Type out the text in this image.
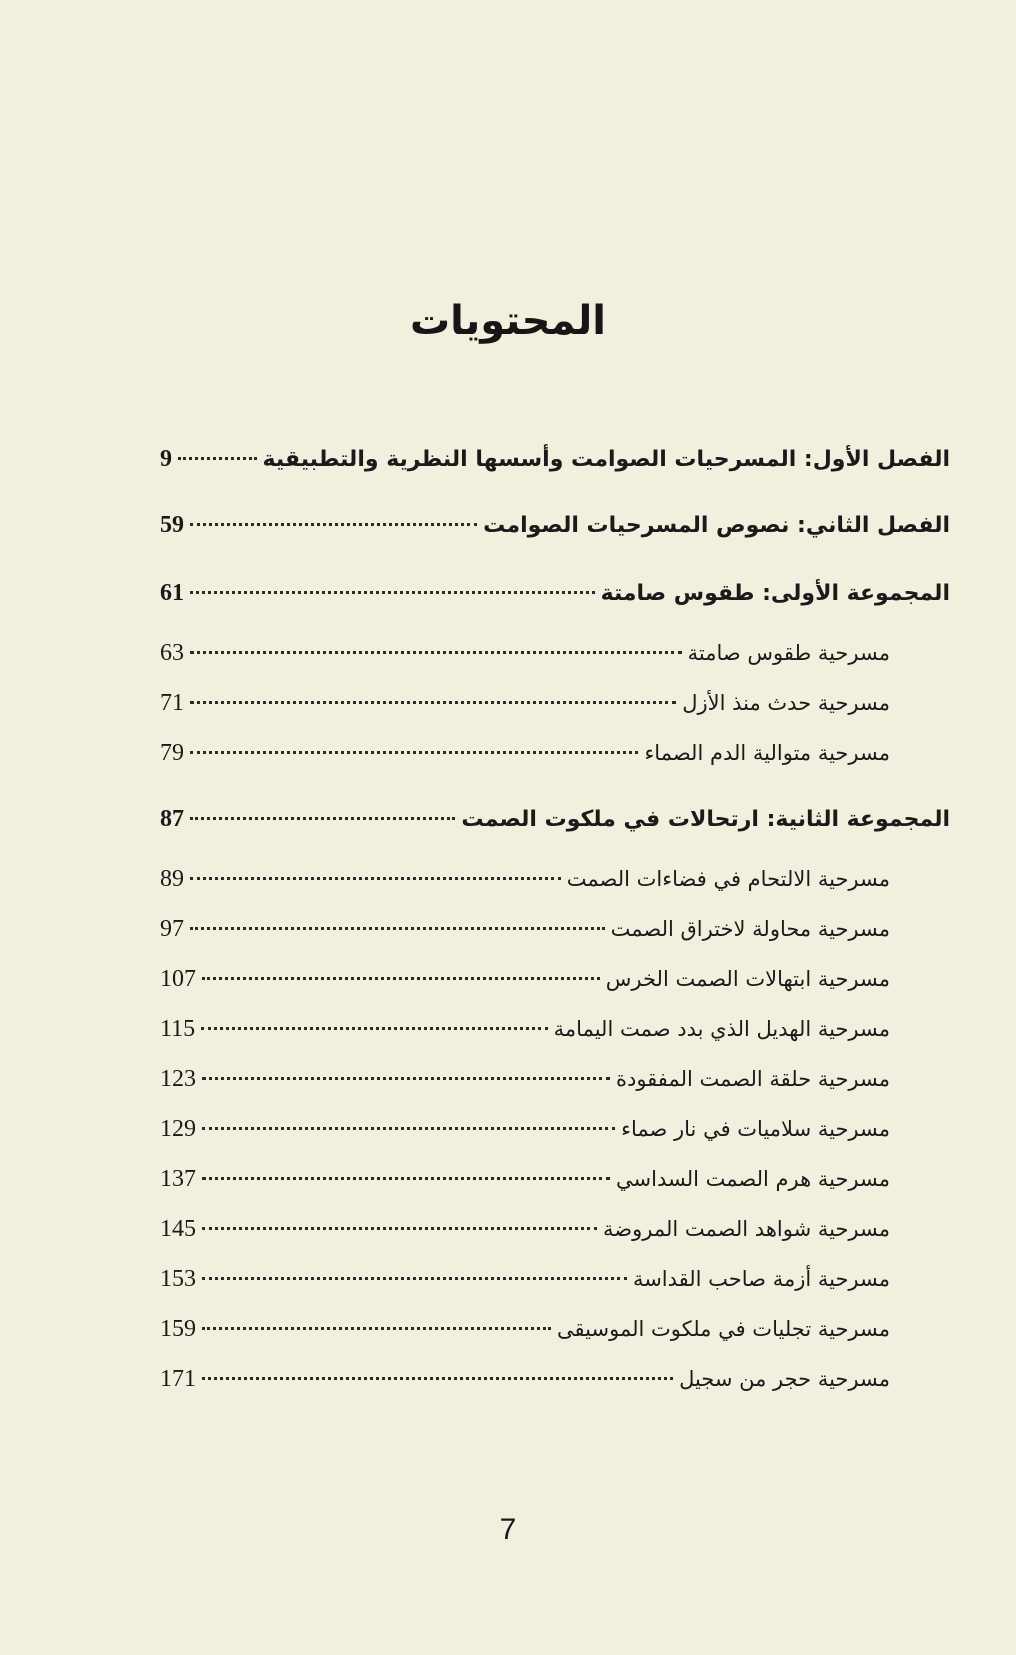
المحتويات
9	الفصل الأول: المسرحيات الصوامت وأسسها النظرية والتطبيقية
59	الفصل الثاني: نصوص المسرحيات الصوامت
61	المجموعة الأولى: طقوس صامتة
63	مسرحية طقوس صامتة
71	مسرحية حدث منذ الأزل
79	مسرحية متوالية الدم الصماء
87	المجموعة الثانية: ارتحالات في ملكوت الصمت
89	مسرحية الالتحام في فضاءات الصمت
97	مسرحية محاولة لاختراق الصمت
107	مسرحية ابتهالات الصمت الخرس
115	مسرحية الهديل الذي بدد صمت اليمامة
123	مسرحية حلقة الصمت المفقودة
129	مسرحية سلاميات في نار صماء
137	مسرحية هرم الصمت السداسي
145	مسرحية شواهد الصمت المروضة
153	مسرحية أزمة صاحب القداسة
159	مسرحية تجليات في ملكوت الموسيقى
171	مسرحية حجر من سجيل
7
